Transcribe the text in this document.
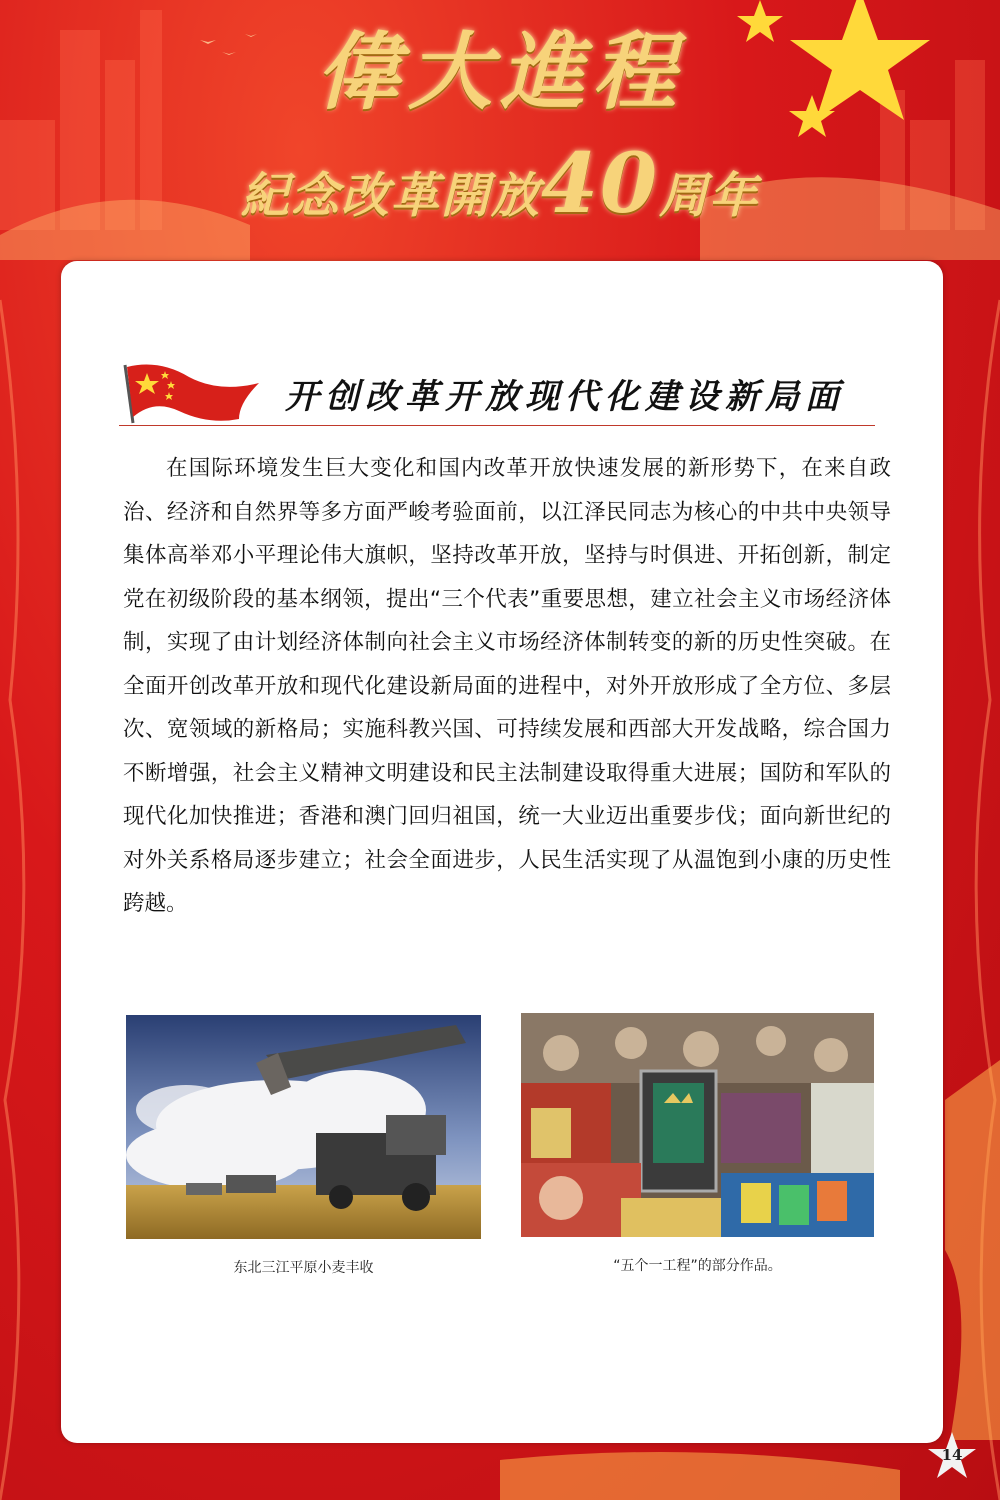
偉大進程
紀念改革開放40周年
开创改革开放现代化建设新局面

在国际环境发生巨大变化和国内改革开放快速发展的新形势下，在来自政治、经济和自然界等多方面严峻考验面前，以江泽民同志为核心的中共中央领导集体高举邓小平理论伟大旗帜，坚持改革开放，坚持与时俱进、开拓创新，制定党在初级阶段的基本纲领，提出“三个代表”重要思想，建立社会主义市场经济体制，实现了由计划经济体制向社会主义市场经济体制转变的新的历史性突破。在全面开创改革开放和现代化建设新局面的进程中，对外开放形成了全方位、多层次、宽领域的新格局；实施科教兴国、可持续发展和西部大开发战略，综合国力不断增强，社会主义精神文明建设和民主法制建设取得重大进展；国防和军队的现代化加快推进；香港和澳门回归祖国，统一大业迈出重要步伐；面向新世纪的对外关系格局逐步建立；社会全面进步，人民生活实现了从温饱到小康的历史性跨越。

东北三江平原小麦丰收	“五个一工程”的部分作品。
14
